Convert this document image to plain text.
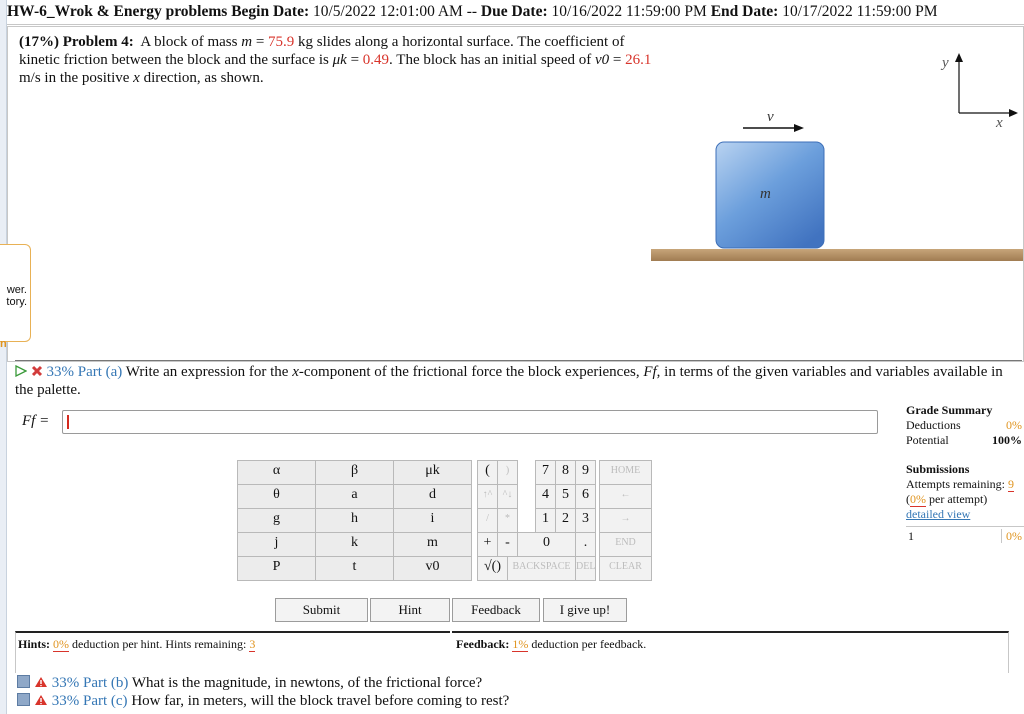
HW-6_Wrok & Energy problems Begin Date: 10/5/2022 12:01:00 AM -- Due Date: 10/16/2022 11:59:00 PM End Date: 10/17/2022 11:59:00 PM
(17%) Problem 4: A block of mass m = 75.9 kg slides along a horizontal surface. The coefficient of kinetic friction between the block and the surface is μk = 0.49. The block has an initial speed of v0 = 26.1 m/s in the positive x direction, as shown.
m
v
y
x
wer.
tory.
n
33% Part (a) Write an expression for the x-component of the frictional force the block experiences, Ff, in terms of the given variables and variables available in the palette.
Ff =
Grade Summary
Deductions	0%
Potential	100%
Submissions
Attempts remaining: 9
(0% per attempt)
detailed view
1	0%
α	β	μk
θ	a	d
g	h	i
j	k	m
P	t	v0
(	)	7 8 9	HOME
↑^	^↓	4 5 6	←
/	*	1 2 3	→
+ -	0	.	END
√()	BACKSPACE DEL	CLEAR
Submit	Hint	Feedback	I give up!
Hints: 0% deduction per hint. Hints remaining: 3	Feedback: 1% deduction per feedback.
33% Part (b) What is the magnitude, in newtons, of the frictional force?
33% Part (c) How far, in meters, will the block travel before coming to rest?
